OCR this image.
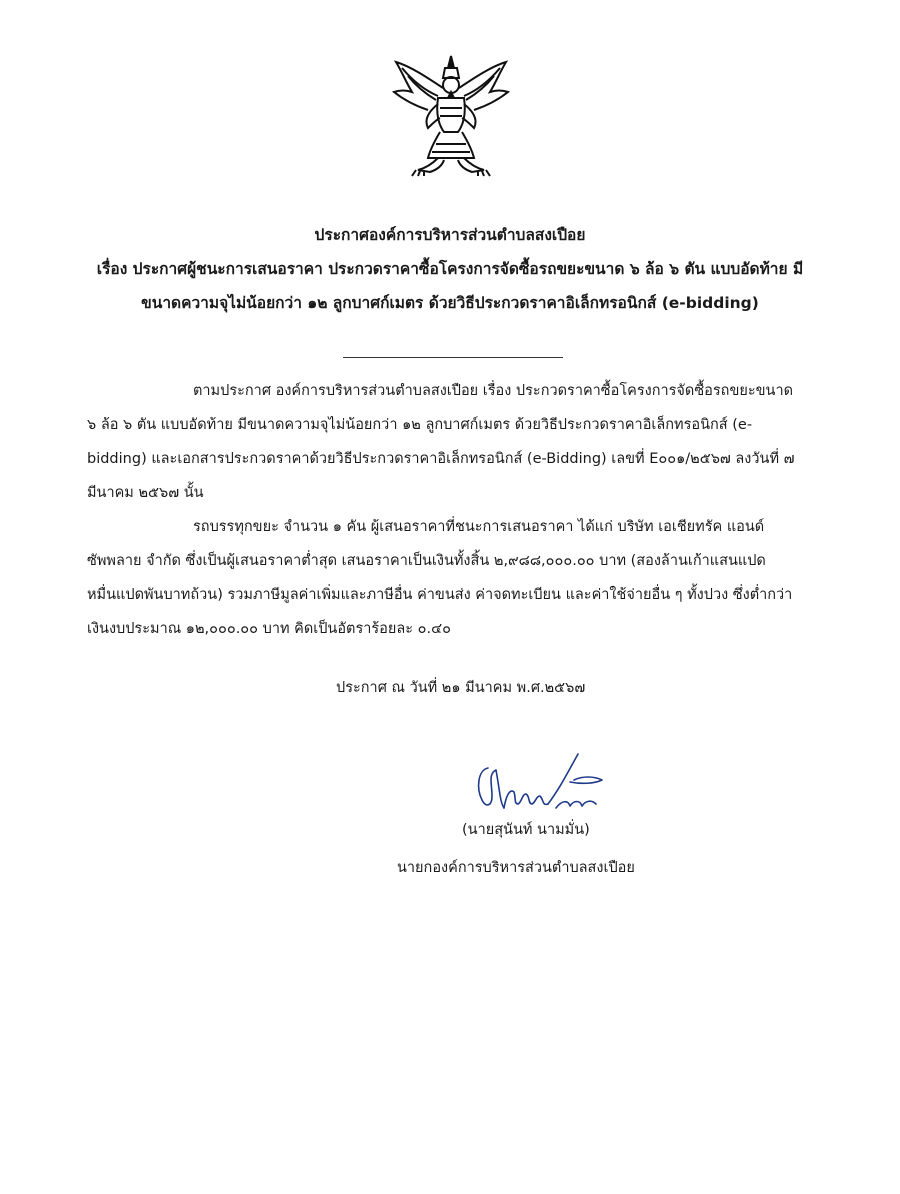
ประกาศองค์การบริหารส่วนตำบลสงเปือย
เรื่อง ประกาศผู้ชนะการเสนอราคา ประกวดราคาซื้อโครงการจัดซื้อรถขยะขนาด ๖ ล้อ ๖ ตัน แบบอัดท้าย มี
ขนาดความจุไม่น้อยกว่า ๑๒ ลูกบาศก์เมตร ด้วยวิธีประกวดราคาอิเล็กทรอนิกส์ (e-bidding)
ตามประกาศ องค์การบริหารส่วนตำบลสงเปือย เรื่อง ประกวดราคาซื้อโครงการจัดซื้อรถขยะขนาด
๖ ล้อ ๖ ตัน แบบอัดท้าย มีขนาดความจุไม่น้อยกว่า ๑๒ ลูกบาศก์เมตร ด้วยวิธีประกวดราคาอิเล็กทรอนิกส์ (e-
bidding) และเอกสารประกวดราคาด้วยวิธีประกวดราคาอิเล็กทรอนิกส์ (e-Bidding) เลขที่ E๐๐๑/๒๕๖๗ ลงวันที่ ๗
มีนาคม ๒๕๖๗ นั้น
รถบรรทุกขยะ จำนวน ๑ คัน ผู้เสนอราคาที่ชนะการเสนอราคา ได้แก่ บริษัท เอเชียทรัค แอนด์
ซัพพลาย จำกัด ซึ่งเป็นผู้เสนอราคาต่ำสุด เสนอราคาเป็นเงินทั้งสิ้น ๒,๙๘๘,๐๐๐.๐๐ บาท (สองล้านเก้าแสนแปด
หมื่นแปดพันบาทถ้วน) รวมภาษีมูลค่าเพิ่มและภาษีอื่น ค่าขนส่ง ค่าจดทะเบียน และค่าใช้จ่ายอื่น ๆ ทั้งปวง ซึ่งต่ำกว่า
เงินงบประมาณ ๑๒,๐๐๐.๐๐ บาท คิดเป็นอัตราร้อยละ ๐.๔๐
ประกาศ ณ วันที่ ๒๑ มีนาคม พ.ศ.๒๕๖๗
(นายสุนันท์ นามมั่น)
นายกองค์การบริหารส่วนตำบลสงเปือย
